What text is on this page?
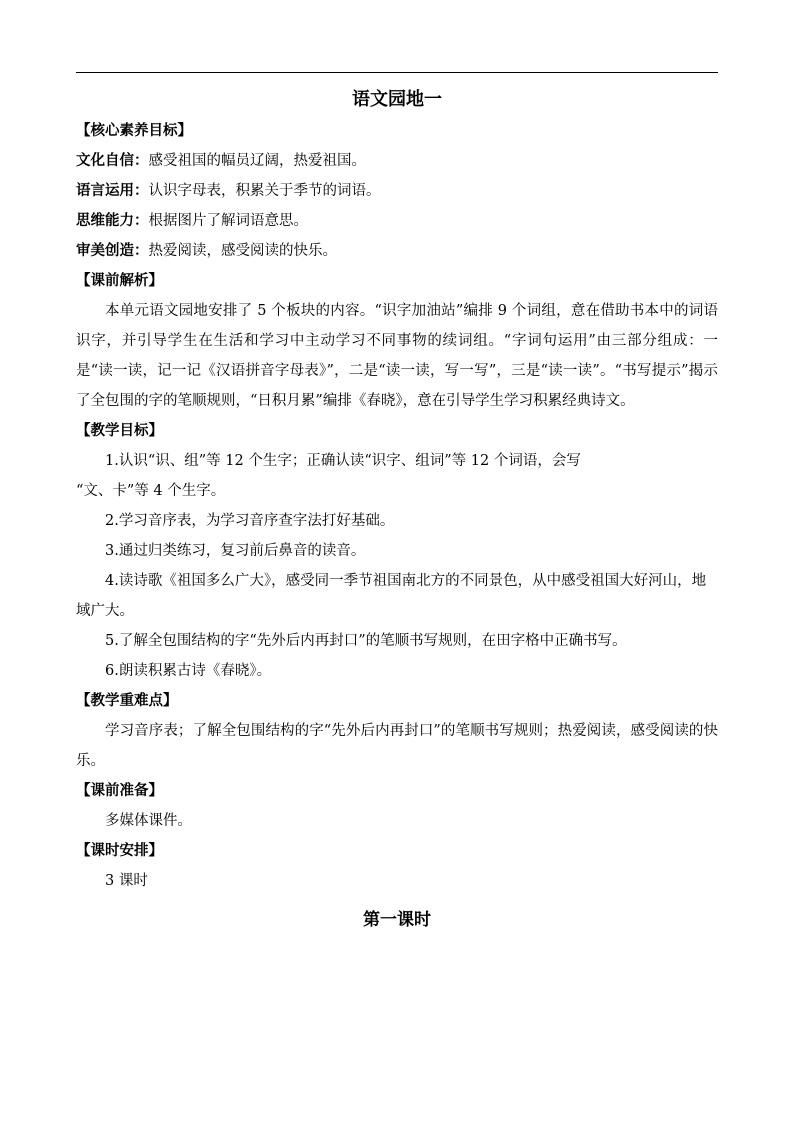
语文园地一

【核心素养目标】

文化自信：感受祖国的幅员辽阔，热爱祖国。

语言运用：认识字母表，积累关于季节的词语。

思维能力：根据图片了解词语意思。

审美创造：热爱阅读，感受阅读的快乐。

【课前解析】

本单元语文园地安排了 5 个板块的内容。“识字加油站”编排 9 个词组，意在借助书本中的词语识字，并引导学生在生活和学习中主动学习不同事物的续词组。“字词句运用”由三部分组成：一是“读一读，记一记《汉语拼音字母表》”，二是“读一读，写一写”，三是“读一读”。“书写提示”揭示了全包围的字的笔顺规则，“日积月累”编排《春晓》，意在引导学生学习积累经典诗文。

【教学目标】

1.认识“识、组”等 12 个生字；正确认读“识字、组词”等 12 个词语，会写

“文、卡”等 4 个生字。

2.学习音序表，为学习音序查字法打好基础。

3.通过归类练习，复习前后鼻音的读音。

4.读诗歌《祖国多么广大》，感受同一季节祖国南北方的不同景色，从中感受祖国大好河山，地域广大。

5.了解全包围结构的字“先外后内再封口”的笔顺书写规则，在田字格中正确书写。

6.朗读积累古诗《春晓》。

【教学重难点】

学习音序表；了解全包围结构的字“先外后内再封口”的笔顺书写规则；热爱阅读，感受阅读的快乐。

【课前准备】

多媒体课件。

【课时安排】

3 课时

第一课时
